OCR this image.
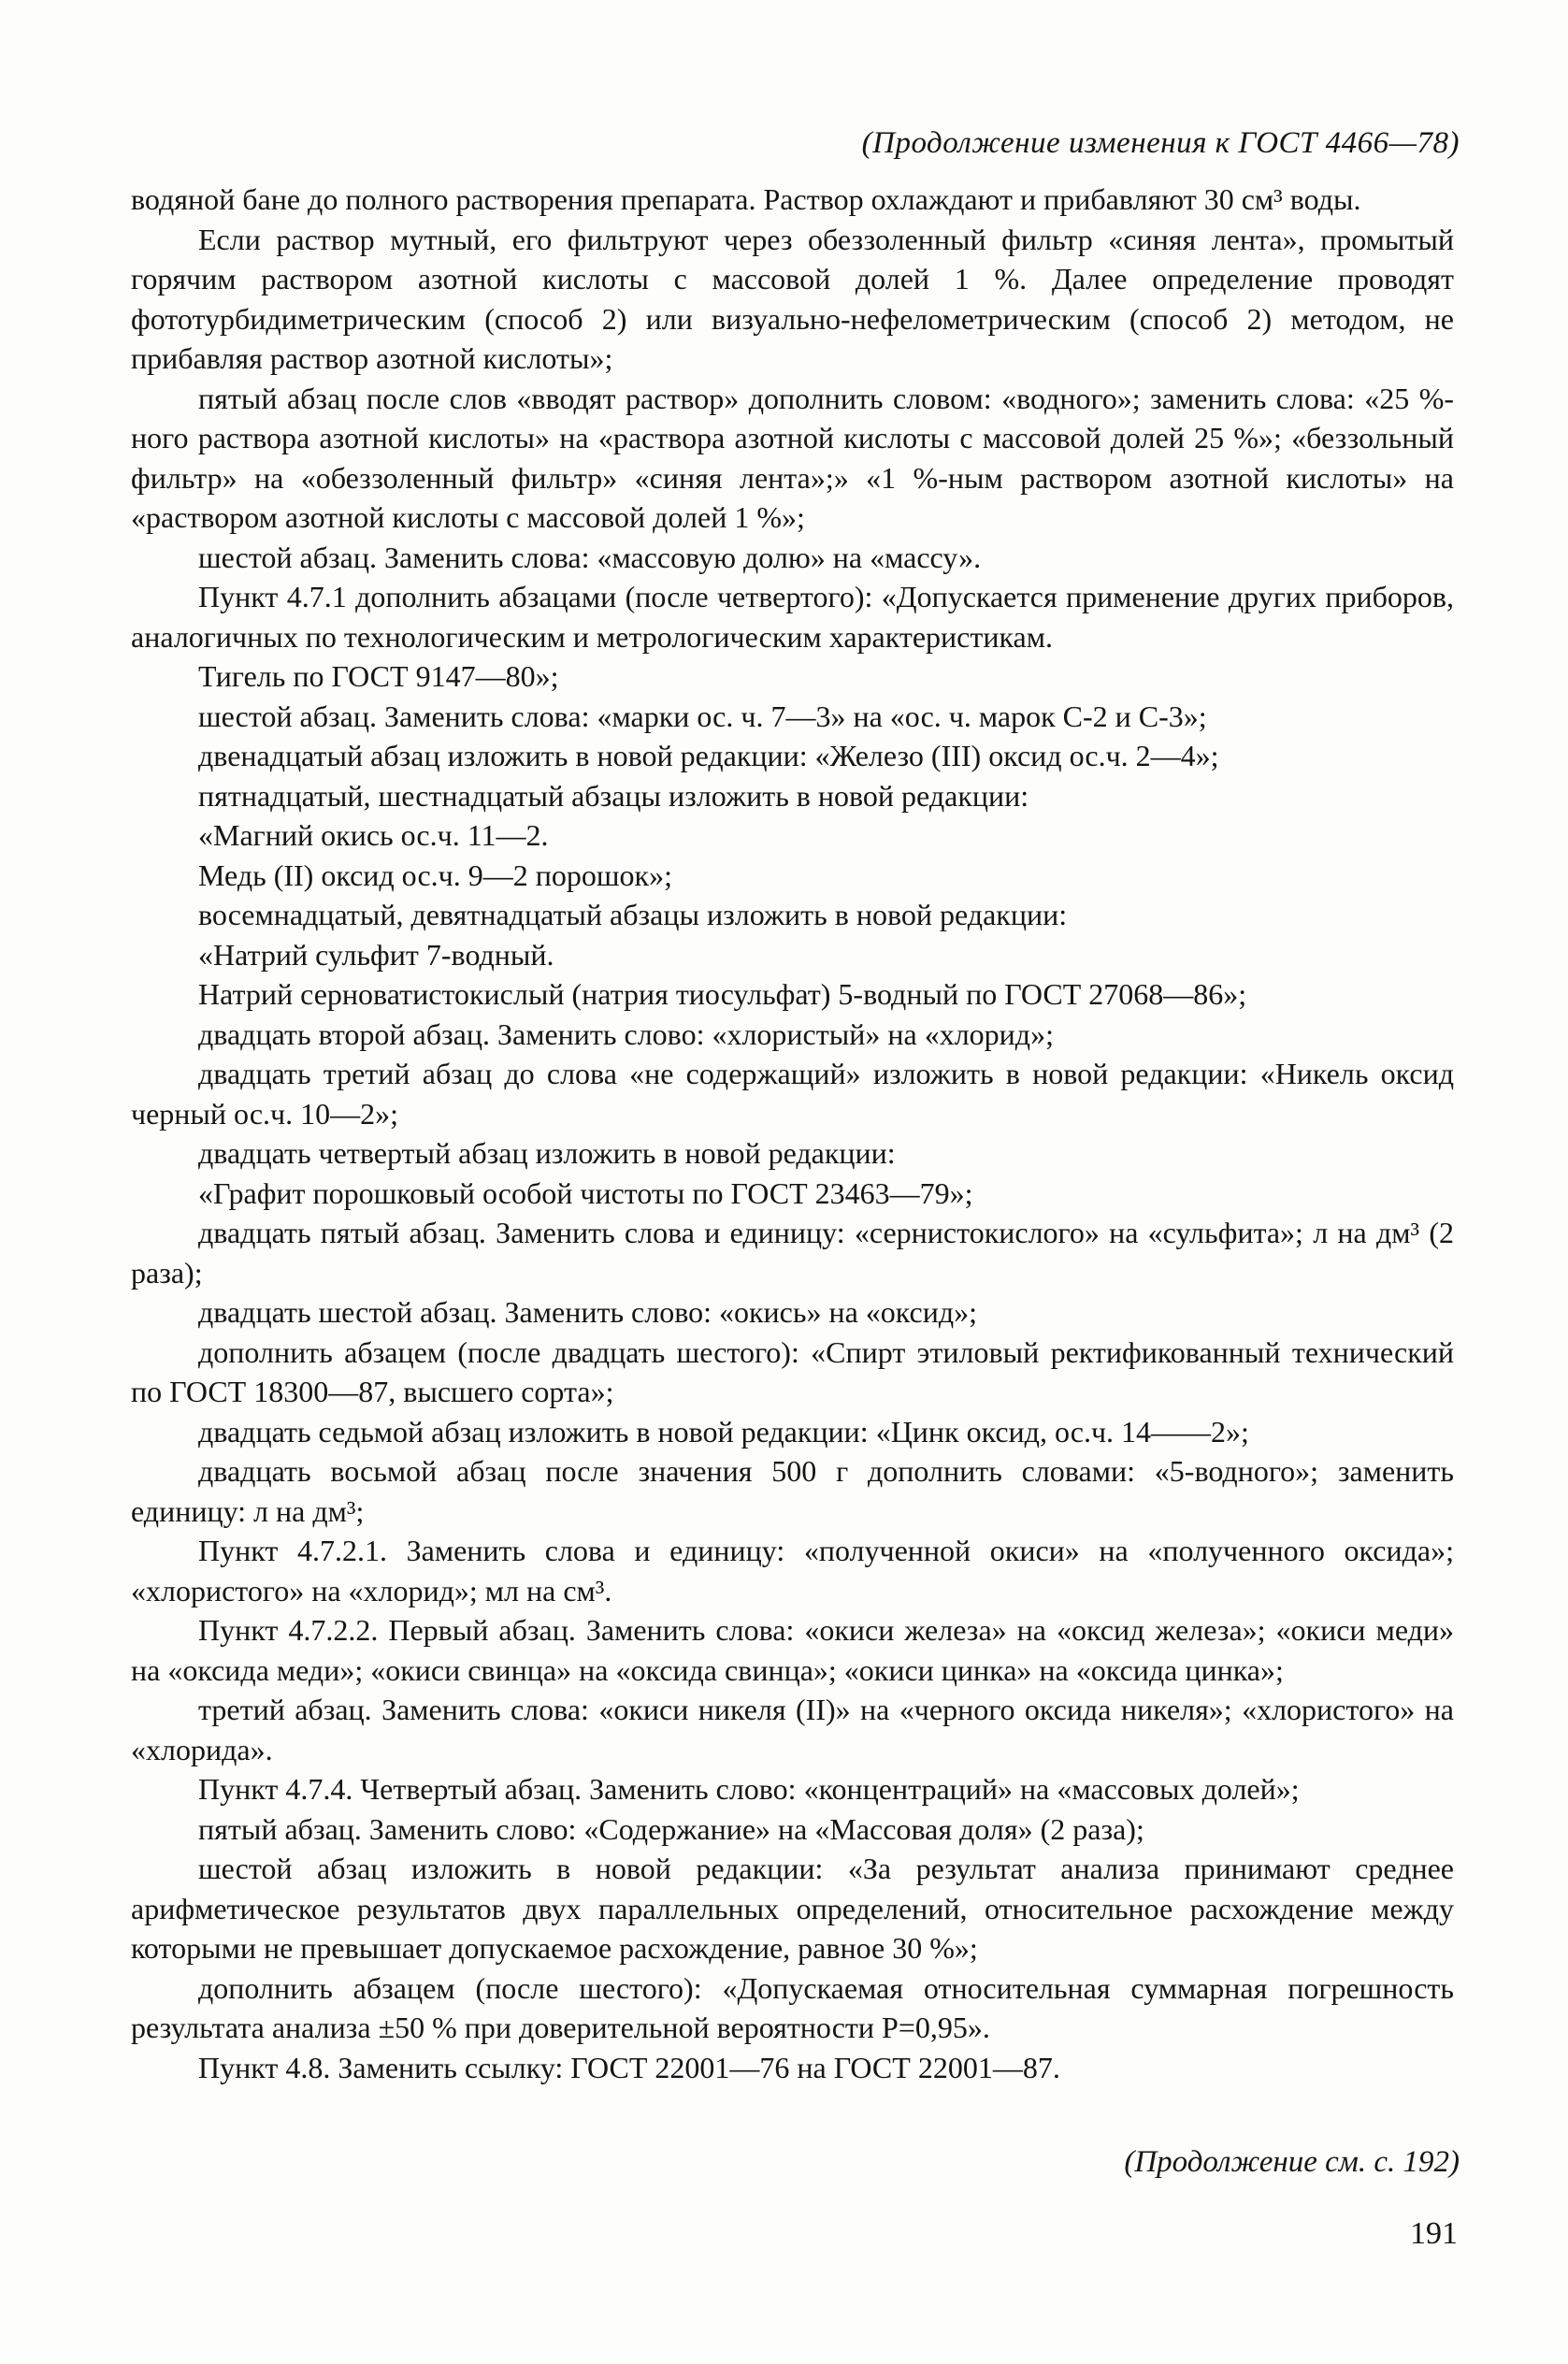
(Продолжение изменения к ГОСТ 4466—78)

водяной бане до полного растворения препарата. Раствор охлаждают и прибавляют 30 см³ воды.

Если раствор мутный, его фильтруют через обеззоленный фильтр «синяя лента», промытый горячим раствором азотной кислоты с массовой долей 1 %. Далее определение проводят фототурбидиметрическим (способ 2) или визуально-нефелометрическим (способ 2) методом, не прибавляя раствор азотной кислоты»;

пятый абзац после слов «вводят раствор» дополнить словом: «водного»; заменить слова: «25 %-ного раствора азотной кислоты» на «раствора азотной кислоты с массовой долей 25 %»; «беззольный фильтр» на «обеззоленный фильтр» «синяя лента»;» «1 %-ным раствором азотной кислоты» на «раствором азотной кислоты с массовой долей 1 %»;

шестой абзац. Заменить слова: «массовую долю» на «массу».

Пункт 4.7.1 дополнить абзацами (после четвертого): «Допускается применение других приборов, аналогичных по технологическим и метрологическим характеристикам.

Тигель по ГОСТ 9147—80»;

шестой абзац. Заменить слова: «марки ос. ч. 7—3» на «ос. ч. марок С-2 и С-3»;

двенадцатый абзац изложить в новой редакции: «Железо (III) оксид ос.ч. 2—4»;

пятнадцатый, шестнадцатый абзацы изложить в новой редакции:

«Магний окись ос.ч. 11—2.

Медь (II) оксид ос.ч. 9—2 порошок»;

восемнадцатый, девятнадцатый абзацы изложить в новой редакции:

«Натрий сульфит 7-водный.

Натрий серноватистокислый (натрия тиосульфат) 5-водный по ГОСТ 27068—86»;

двадцать второй абзац. Заменить слово: «хлористый» на «хлорид»;

двадцать третий абзац до слова «не содержащий» изложить в новой редакции: «Никель оксид черный ос.ч. 10—2»;

двадцать четвертый абзац изложить в новой редакции:

«Графит порошковый особой чистоты по ГОСТ 23463—79»;

двадцать пятый абзац. Заменить слова и единицу: «сернистокислого» на «сульфита»; л на дм³ (2 раза);

двадцать шестой абзац. Заменить слово: «окись» на «оксид»;

дополнить абзацем (после двадцать шестого): «Спирт этиловый ректификованный технический по ГОСТ 18300—87, высшего сорта»;

двадцать седьмой абзац изложить в новой редакции: «Цинк оксид, ос.ч. 14——2»;

двадцать восьмой абзац после значения 500 г дополнить словами: «5-водного»; заменить единицу: л на дм³;

Пункт 4.7.2.1. Заменить слова и единицу: «полученной окиси» на «полученного оксида»; «хлористого» на «хлорид»; мл на см³.

Пункт 4.7.2.2. Первый абзац. Заменить слова: «окиси железа» на «оксид железа»; «окиси меди» на «оксида меди»; «окиси свинца» на «оксида свинца»; «окиси цинка» на «оксида цинка»;

третий абзац. Заменить слова: «окиси никеля (II)» на «черного оксида никеля»; «хлористого» на «хлорида».

Пункт 4.7.4. Четвертый абзац. Заменить слово: «концентраций» на «массовых долей»;

пятый абзац. Заменить слово: «Содержание» на «Массовая доля» (2 раза);

шестой абзац изложить в новой редакции: «За результат анализа принимают среднее арифметическое результатов двух параллельных определений, относительное расхождение между которыми не превышает допускаемое расхождение, равное 30 %»;

дополнить абзацем (после шестого): «Допускаемая относительная суммарная погрешность результата анализа ±50 % при доверительной вероятности P=0,95».

Пункт 4.8. Заменить ссылку: ГОСТ 22001—76 на ГОСТ 22001—87.

(Продолжение см. с. 192)
191
